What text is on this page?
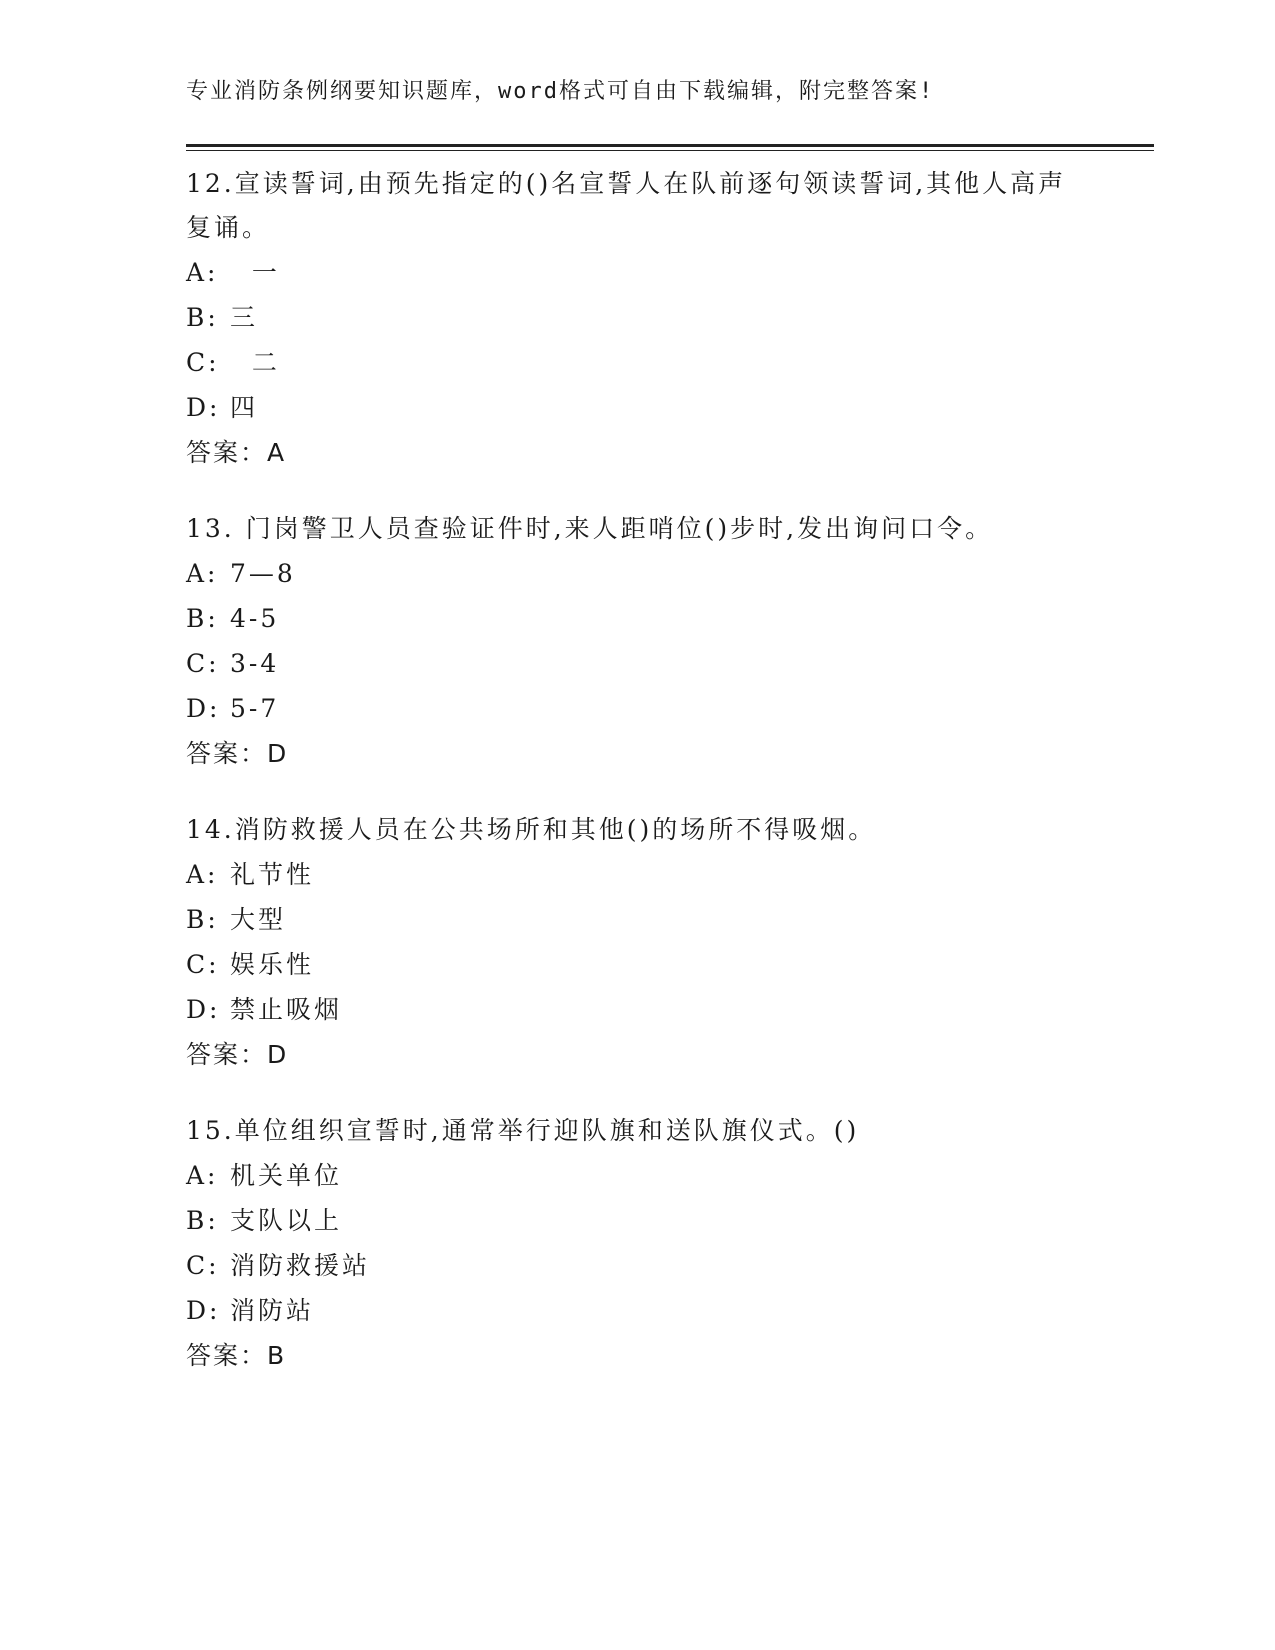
专业消防条例纲要知识题库，word格式可自由下载编辑，附完整答案!

12.宣读誓词,由预先指定的()名宣誓人在队前逐句领读誓词,其他人高声复诵。

A:  一

B: 三

C:  二

D: 四

答案：A

13. 门岗警卫人员查验证件时,来人距哨位()步时,发出询问口令。

A: 7—8

B: 4-5

C: 3-4

D: 5-7

答案：D

14.消防救援人员在公共场所和其他()的场所不得吸烟。

A: 礼节性

B: 大型

C: 娱乐性

D: 禁止吸烟

答案：D

15.单位组织宣誓时,通常举行迎队旗和送队旗仪式。()

A: 机关单位

B: 支队以上

C: 消防救援站

D: 消防站

答案：B
